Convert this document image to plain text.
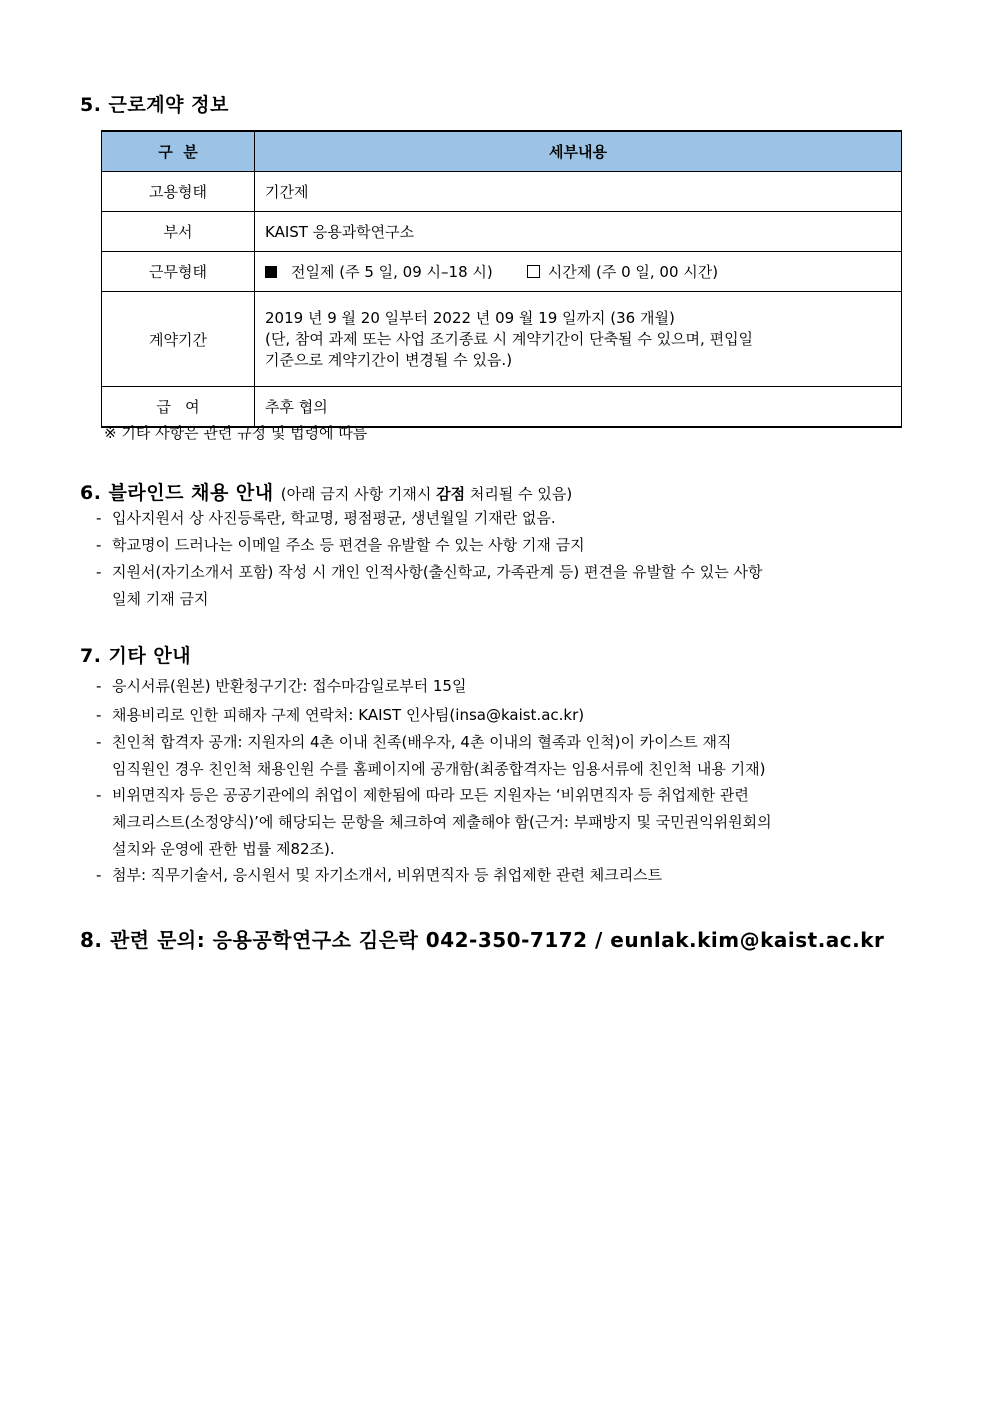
5. 근로계약 정보
구  분	세부내용
고용형태	기간제
부서	KAIST 응용과학연구소
근무형태	전일제 (주 5 일, 09 시–18 시) 시간제 (주 0 일, 00 시간)
계약기간	2019 년 9 월 20 일부터 2022 년 09 월 19 일까지 (36 개월)
(단, 참여 과제 또는 사업 조기종료 시 계약기간이 단축될 수 있으며, 편입일
기준으로 계약기간이 변경될 수 있음.)

급   여	추후 협의
※ 기타 사항은 관련 규정 및 법령에 따름
6. 블라인드 채용 안내 (아래 금지 사항 기재시 감점 처리될 수 있음)
- 입사지원서 상 사진등록란, 학교명, 평점평균, 생년월일 기재란 없음.
- 학교명이 드러나는 이메일 주소 등 편견을 유발할 수 있는 사항 기재 금지
- 지원서(자기소개서 포함) 작성 시 개인 인적사항(출신학교, 가족관계 등) 편견을 유발할 수 있는 사항
일체 기재 금지
7. 기타 안내
- 응시서류(원본) 반환청구기간: 접수마감일로부터 15일
- 채용비리로 인한 피해자 구제 연락처: KAIST 인사팀(insa@kaist.ac.kr)
- 친인척 합격자 공개: 지원자의 4촌 이내 친족(배우자, 4촌 이내의 혈족과 인척)이 카이스트 재직
임직원인 경우 친인척 채용인원 수를 홈페이지에 공개함(최종합격자는 임용서류에 친인척 내용 기재)
- 비위면직자 등은 공공기관에의 취업이 제한됨에 따라 모든 지원자는 ‘비위면직자 등 취업제한 관련
체크리스트(소정양식)’에 해당되는 문항을 체크하여 제출해야 함(근거: 부패방지 및 국민권익위원회의
설치와 운영에 관한 법률 제82조).
- 첨부: 직무기술서, 응시원서 및 자기소개서, 비위면직자 등 취업제한 관련 체크리스트
8. 관련 문의: 응용공학연구소 김은락 042-350-7172 / eunlak.kim@kaist.ac.kr
